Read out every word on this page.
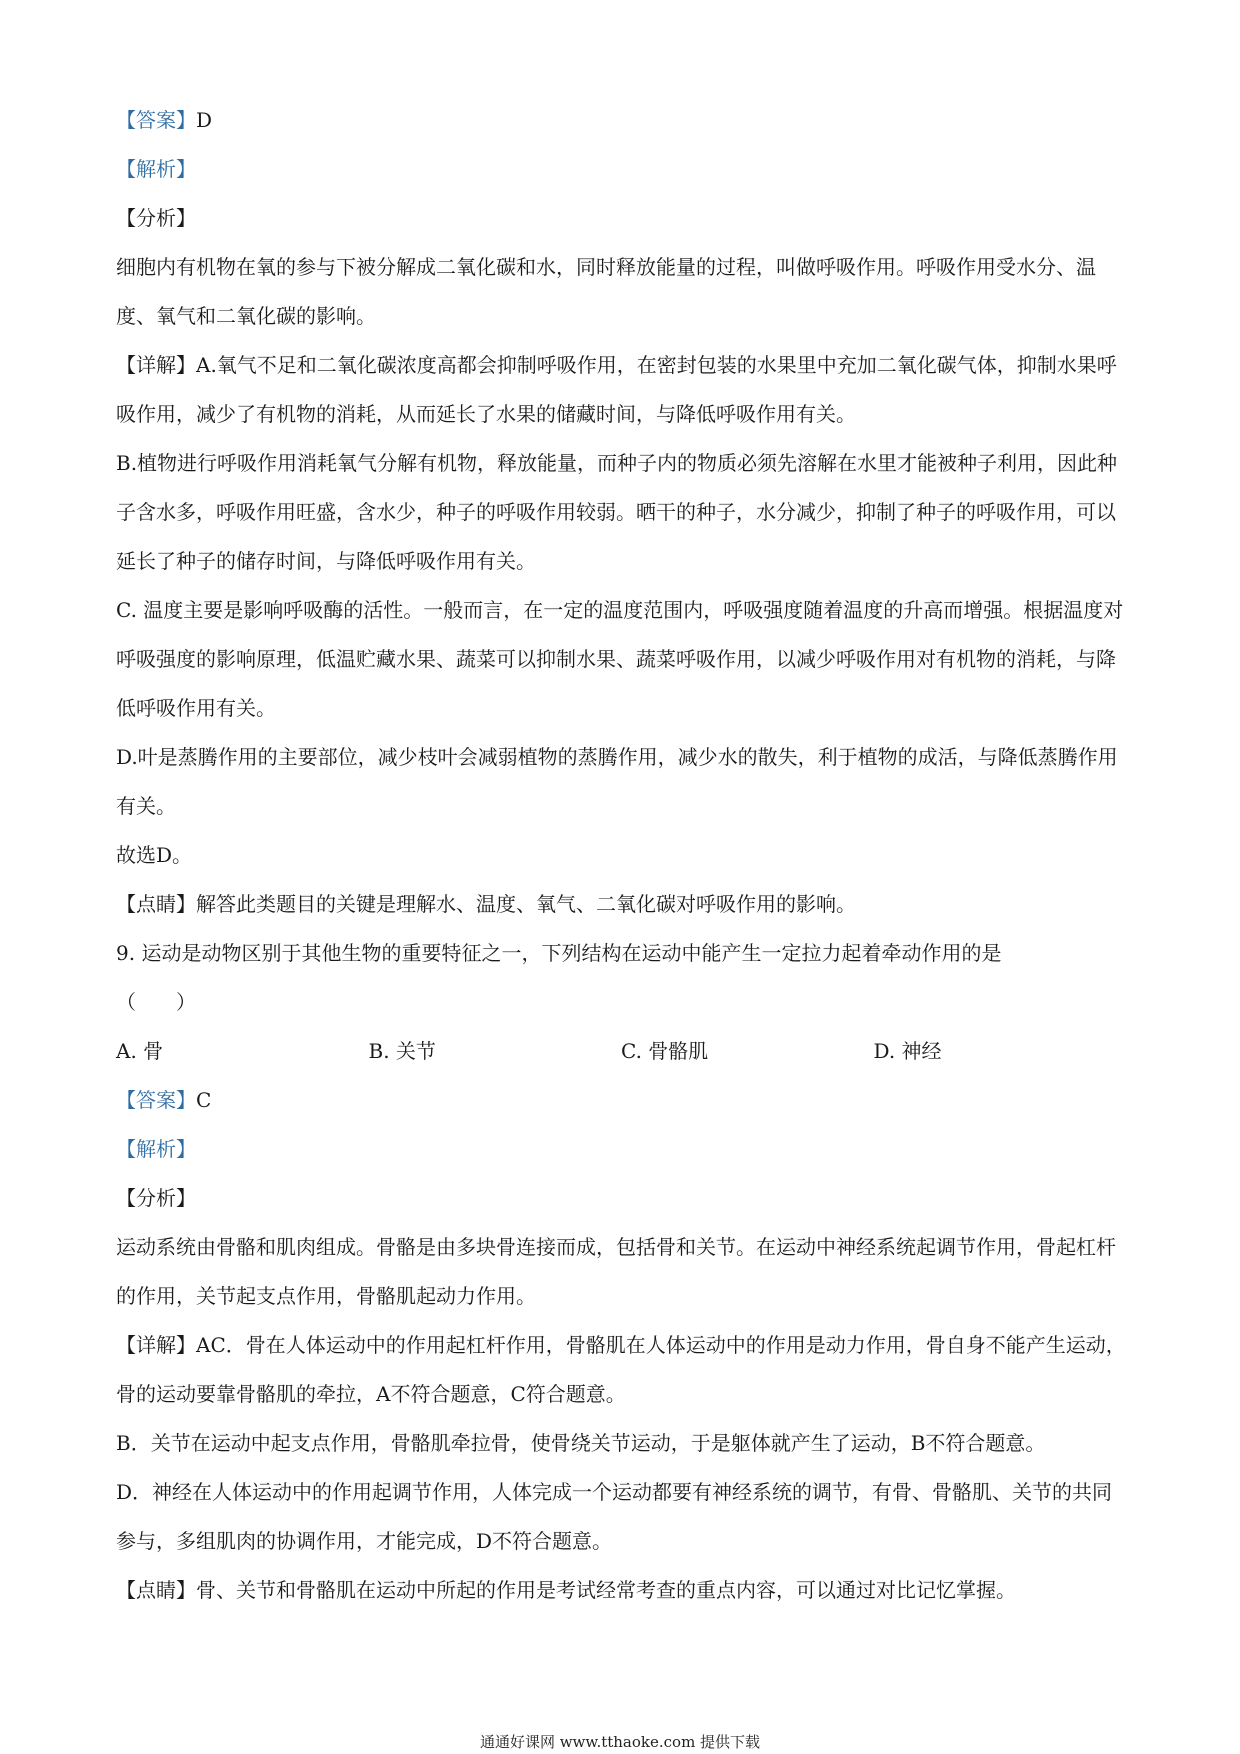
【答案】D

【解析】

【分析】

细胞内有机物在氧的参与下被分解成二氧化碳和水，同时释放能量的过程，叫做呼吸作用。呼吸作用受水分、温度、氧气和二氧化碳的影响。

【详解】A.氧气不足和二氧化碳浓度高都会抑制呼吸作用，在密封包装的水果里中充加二氧化碳气体，抑制水果呼吸作用，减少了有机物的消耗，从而延长了水果的储藏时间，与降低呼吸作用有关。

B.植物进行呼吸作用消耗氧气分解有机物，释放能量，而种子内的物质必须先溶解在水里才能被种子利用，因此种子含水多，呼吸作用旺盛，含水少，种子的呼吸作用较弱。晒干的种子，水分减少，抑制了种子的呼吸作用，可以延长了种子的储存时间，与降低呼吸作用有关。

C. 温度主要是影响呼吸酶的活性。一般而言，在一定的温度范围内，呼吸强度随着温度的升高而增强。根据温度对呼吸强度的影响原理，低温贮藏水果、蔬菜可以抑制水果、蔬菜呼吸作用，以减少呼吸作用对有机物的消耗，与降低呼吸作用有关。

D.叶是蒸腾作用的主要部位，减少枝叶会减弱植物的蒸腾作用，减少水的散失，利于植物的成活，与降低蒸腾作用有关。

故选D。

【点睛】解答此类题目的关键是理解水、温度、氧气、二氧化碳对呼吸作用的影响。

9. 运动是动物区别于其他生物的重要特征之一，下列结构在运动中能产生一定拉力起着牵动作用的是

（　　）

A. 骨	B. 关节	C. 骨骼肌	D. 神经

【答案】C

【解析】

【分析】

运动系统由骨骼和肌肉组成。骨骼是由多块骨连接而成，包括骨和关节。在运动中神经系统起调节作用，骨起杠杆的作用，关节起支点作用，骨骼肌起动力作用。

【详解】AC．骨在人体运动中的作用起杠杆作用，骨骼肌在人体运动中的作用是动力作用，骨自身不能产生运动，骨的运动要靠骨骼肌的牵拉，A不符合题意，C符合题意。

B．关节在运动中起支点作用，骨骼肌牵拉骨，使骨绕关节运动，于是躯体就产生了运动，B不符合题意。

D．神经在人体运动中的作用起调节作用，人体完成一个运动都要有神经系统的调节，有骨、骨骼肌、关节的共同参与，多组肌肉的协调作用，才能完成，D不符合题意。

【点睛】骨、关节和骨骼肌在运动中所起的作用是考试经常考查的重点内容，可以通过对比记忆掌握。

通通好课网 www.tthaoke.com 提供下载
